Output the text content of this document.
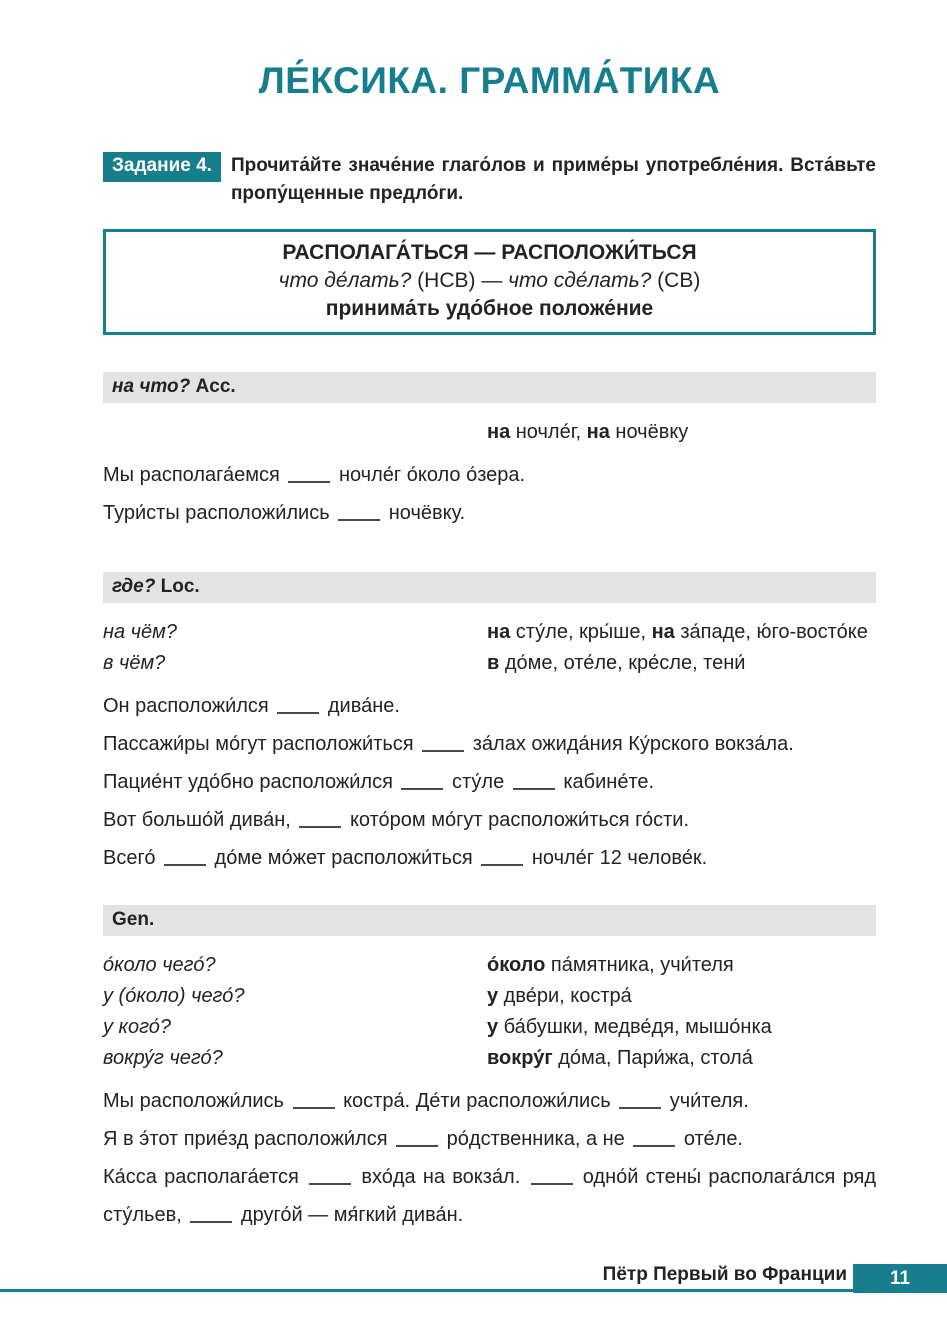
ЛЕ́КСИКА. ГРАММА́ТИКА
Задание 4.	Прочита́йте значе́ние глаго́лов и приме́ры употребле́ния. Вста́вьте пропу́щенные предло́ги.
РАСПОЛАГА́ТЬСЯ — РАСПОЛОЖИ́ТЬСЯ
что де́лать? (НСВ) — что сде́лать? (СВ)
принима́ть удо́бное положе́ние
на что? Acc.
на ночле́г, на ночёвку

Мы располага́емся  ночле́г о́коло о́зера.

Тури́сты расположи́лись  ночёвку.

где? Loc.
на чём?	на сту́ле, кры́ше, на за́паде, ю́го-восто́ке
в чём?	в до́ме, оте́ле, кре́сле, тени́

Он расположи́лся  дива́не.

Пассажи́ры мо́гут расположи́ться  за́лах ожида́ния Ку́рского вокза́ла.

Пацие́нт удо́бно расположи́лся  сту́ле  кабине́те.

Вот большо́й дива́н,  кото́ром мо́гут расположи́ться го́сти.

Всего́  до́ме мо́жет расположи́ться  ночле́г 12 челове́к.

Gen.
о́коло чего́?	о́коло па́мятника, учи́теля
у (о́коло) чего́?	у две́ри, костра́
у кого́?	у ба́бушки, медве́дя, мышо́нка
вокру́г чего́?	вокру́г до́ма, Пари́жа, стола́

Мы расположи́лись  костра́. Де́ти расположи́лись  учи́теля.

Я в э́тот прие́зд расположи́лся  ро́дственника, а не  оте́ле.

Ка́сса располага́ется  вхо́да на вокза́л.  одно́й стены́ располага́лся ряд сту́льев,  друго́й — мя́гкий дива́н.

Пётр Первый во Франции	11
